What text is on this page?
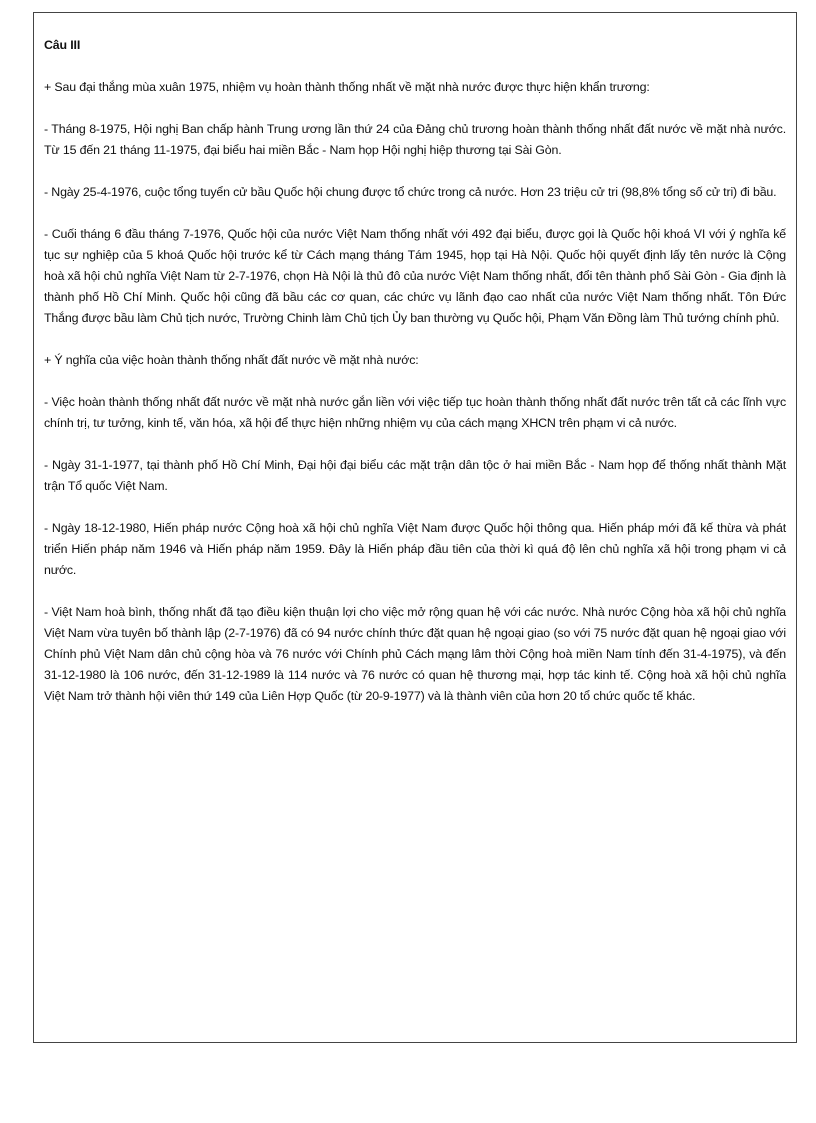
Câu III

+ Sau đại thắng mùa xuân 1975, nhiệm vụ hoàn thành thống nhất về mặt nhà nước được thực hiện khẩn trương:

- Tháng 8-1975, Hội nghị Ban chấp hành Trung ương lần thứ 24 của Đảng chủ trương hoàn thành thống nhất đất nước về mặt nhà nước. Từ 15 đến 21 tháng 11-1975, đại biểu hai miền Bắc - Nam họp Hội nghị hiệp thương tại Sài Gòn.

- Ngày 25-4-1976, cuộc tổng tuyển cử bầu Quốc hội chung được tổ chức trong cả nước. Hơn 23 triệu cử tri (98,8% tổng số cử tri) đi bầu.

- Cuối tháng 6 đầu tháng 7-1976, Quốc hội của nước Việt Nam thống nhất với 492 đại biểu, được gọi là Quốc hội khoá VI với ý nghĩa kế tục sự nghiệp của 5 khoá Quốc hội trước kể từ Cách mạng tháng Tám 1945, họp tại Hà Nội. Quốc hội quyết định lấy tên nước là Cộng hoà xã hội chủ nghĩa Việt Nam từ 2-7-1976, chọn Hà Nội là thủ đô của nước Việt Nam thống nhất, đổi tên thành phố Sài Gòn - Gia định là thành phố Hồ Chí Minh. Quốc hội cũng đã bầu các cơ quan, các chức vụ lãnh đạo cao nhất của nước Việt Nam thống nhất. Tôn Đức Thắng được bầu làm Chủ tịch nước, Trường Chinh làm Chủ tịch Ủy ban thường vụ Quốc hội, Phạm Văn Đồng làm Thủ tướng chính phủ.

+ Ý nghĩa của việc hoàn thành thống nhất đất nước về mặt nhà nước:

- Việc hoàn thành thống nhất đất nước về mặt nhà nước gắn liền với việc tiếp tục hoàn thành thống nhất đất nước trên tất cả các lĩnh vực chính trị, tư tưởng, kinh tế, văn hóa, xã hội để thực hiện những nhiệm vụ của cách mạng XHCN trên phạm vi cả nước.

- Ngày 31-1-1977, tại thành phố Hồ Chí Minh, Đại hội đại biểu các mặt trận dân tộc ở hai miền Bắc - Nam họp để thống nhất thành Mặt trận Tổ quốc Việt Nam.

- Ngày 18-12-1980, Hiến pháp nước Cộng hoà xã hội chủ nghĩa Việt Nam được Quốc hội thông qua. Hiến pháp mới đã kế thừa và phát triển Hiến pháp năm 1946 và Hiến pháp năm 1959. Đây là Hiến pháp đầu tiên của thời kì quá độ lên chủ nghĩa xã hội trong phạm vi cả nước.

- Việt Nam hoà bình, thống nhất đã tạo điều kiện thuận lợi cho việc mở rộng quan hệ với các nước. Nhà nước Cộng hòa xã hội chủ nghĩa Việt Nam vừa tuyên bố thành lập (2-7-1976) đã có 94 nước chính thức đặt quan hệ ngoại giao (so với 75 nước đặt quan hệ ngoại giao với Chính phủ Việt Nam dân chủ cộng hòa và 76 nước với Chính phủ Cách mạng lâm thời Cộng hoà miền Nam tính đến 31-4-1975), và đến 31-12-1980 là 106 nước, đến 31-12-1989 là 114 nước và 76 nước có quan hệ thương mại, hợp tác kinh tế. Cộng hoà xã hội chủ nghĩa Việt Nam trở thành hội viên thứ 149 của Liên Hợp Quốc (từ 20-9-1977) và là thành viên của hơn 20 tổ chức quốc tế khác.
